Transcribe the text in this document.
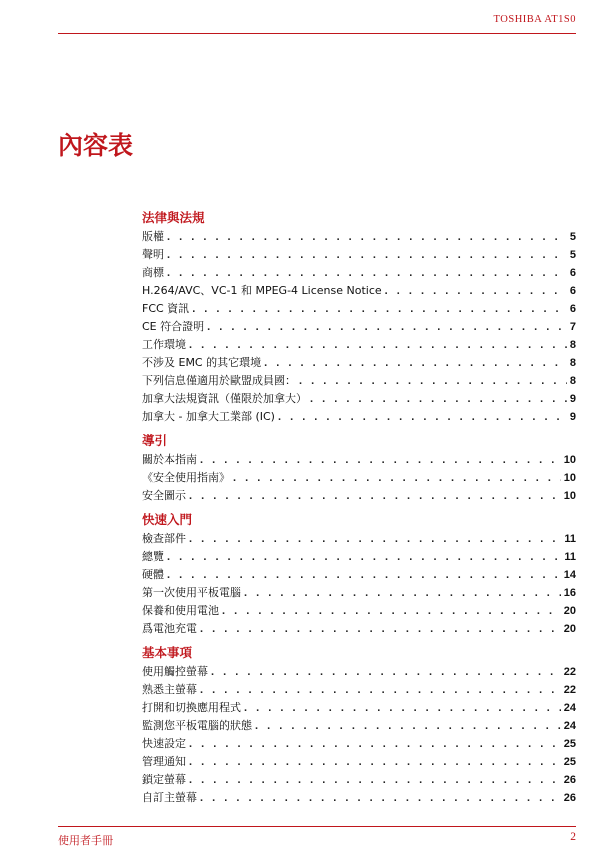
TOSHIBA AT1S0
內容表
法律與法規
版權 . . .	5
聲明 . . .	5
商標 . . .	6
H.264/AVC、VC-1 和 MPEG-4 License Notice . . .	6
FCC 資訊 . . .	6
CE 符合證明 . . .	7
工作環境 . . .	8
不涉及 EMC 的其它環境 . . .	8
下列信息僅適用於歐盟成員國： . . .	8
加拿大法規資訊（僅限於加拿大） . . .	9
加拿大 - 加拿大工業部 (IC) . . .	9
導引
關於本指南 . . .	10
《安全使用指南》 . . .	10
安全圖示 . . .	10
快速入門
檢查部件 . . .	11
總覽 . . .	11
硬體 . . .	14
第一次使用平板電腦 . . .	16
保養和使用電池 . . .	20
爲電池充電 . . .	20
基本事項
使用觸控螢幕 . . .	22
熟悉主螢幕 . . .	22
打開和切換應用程式 . . .	24
監測您平板電腦的狀態 . . .	24
快速設定 . . .	25
管理通知 . . .	25
鎖定螢幕 . . .	26
自訂主螢幕 . . .	26
使用者手冊	2
